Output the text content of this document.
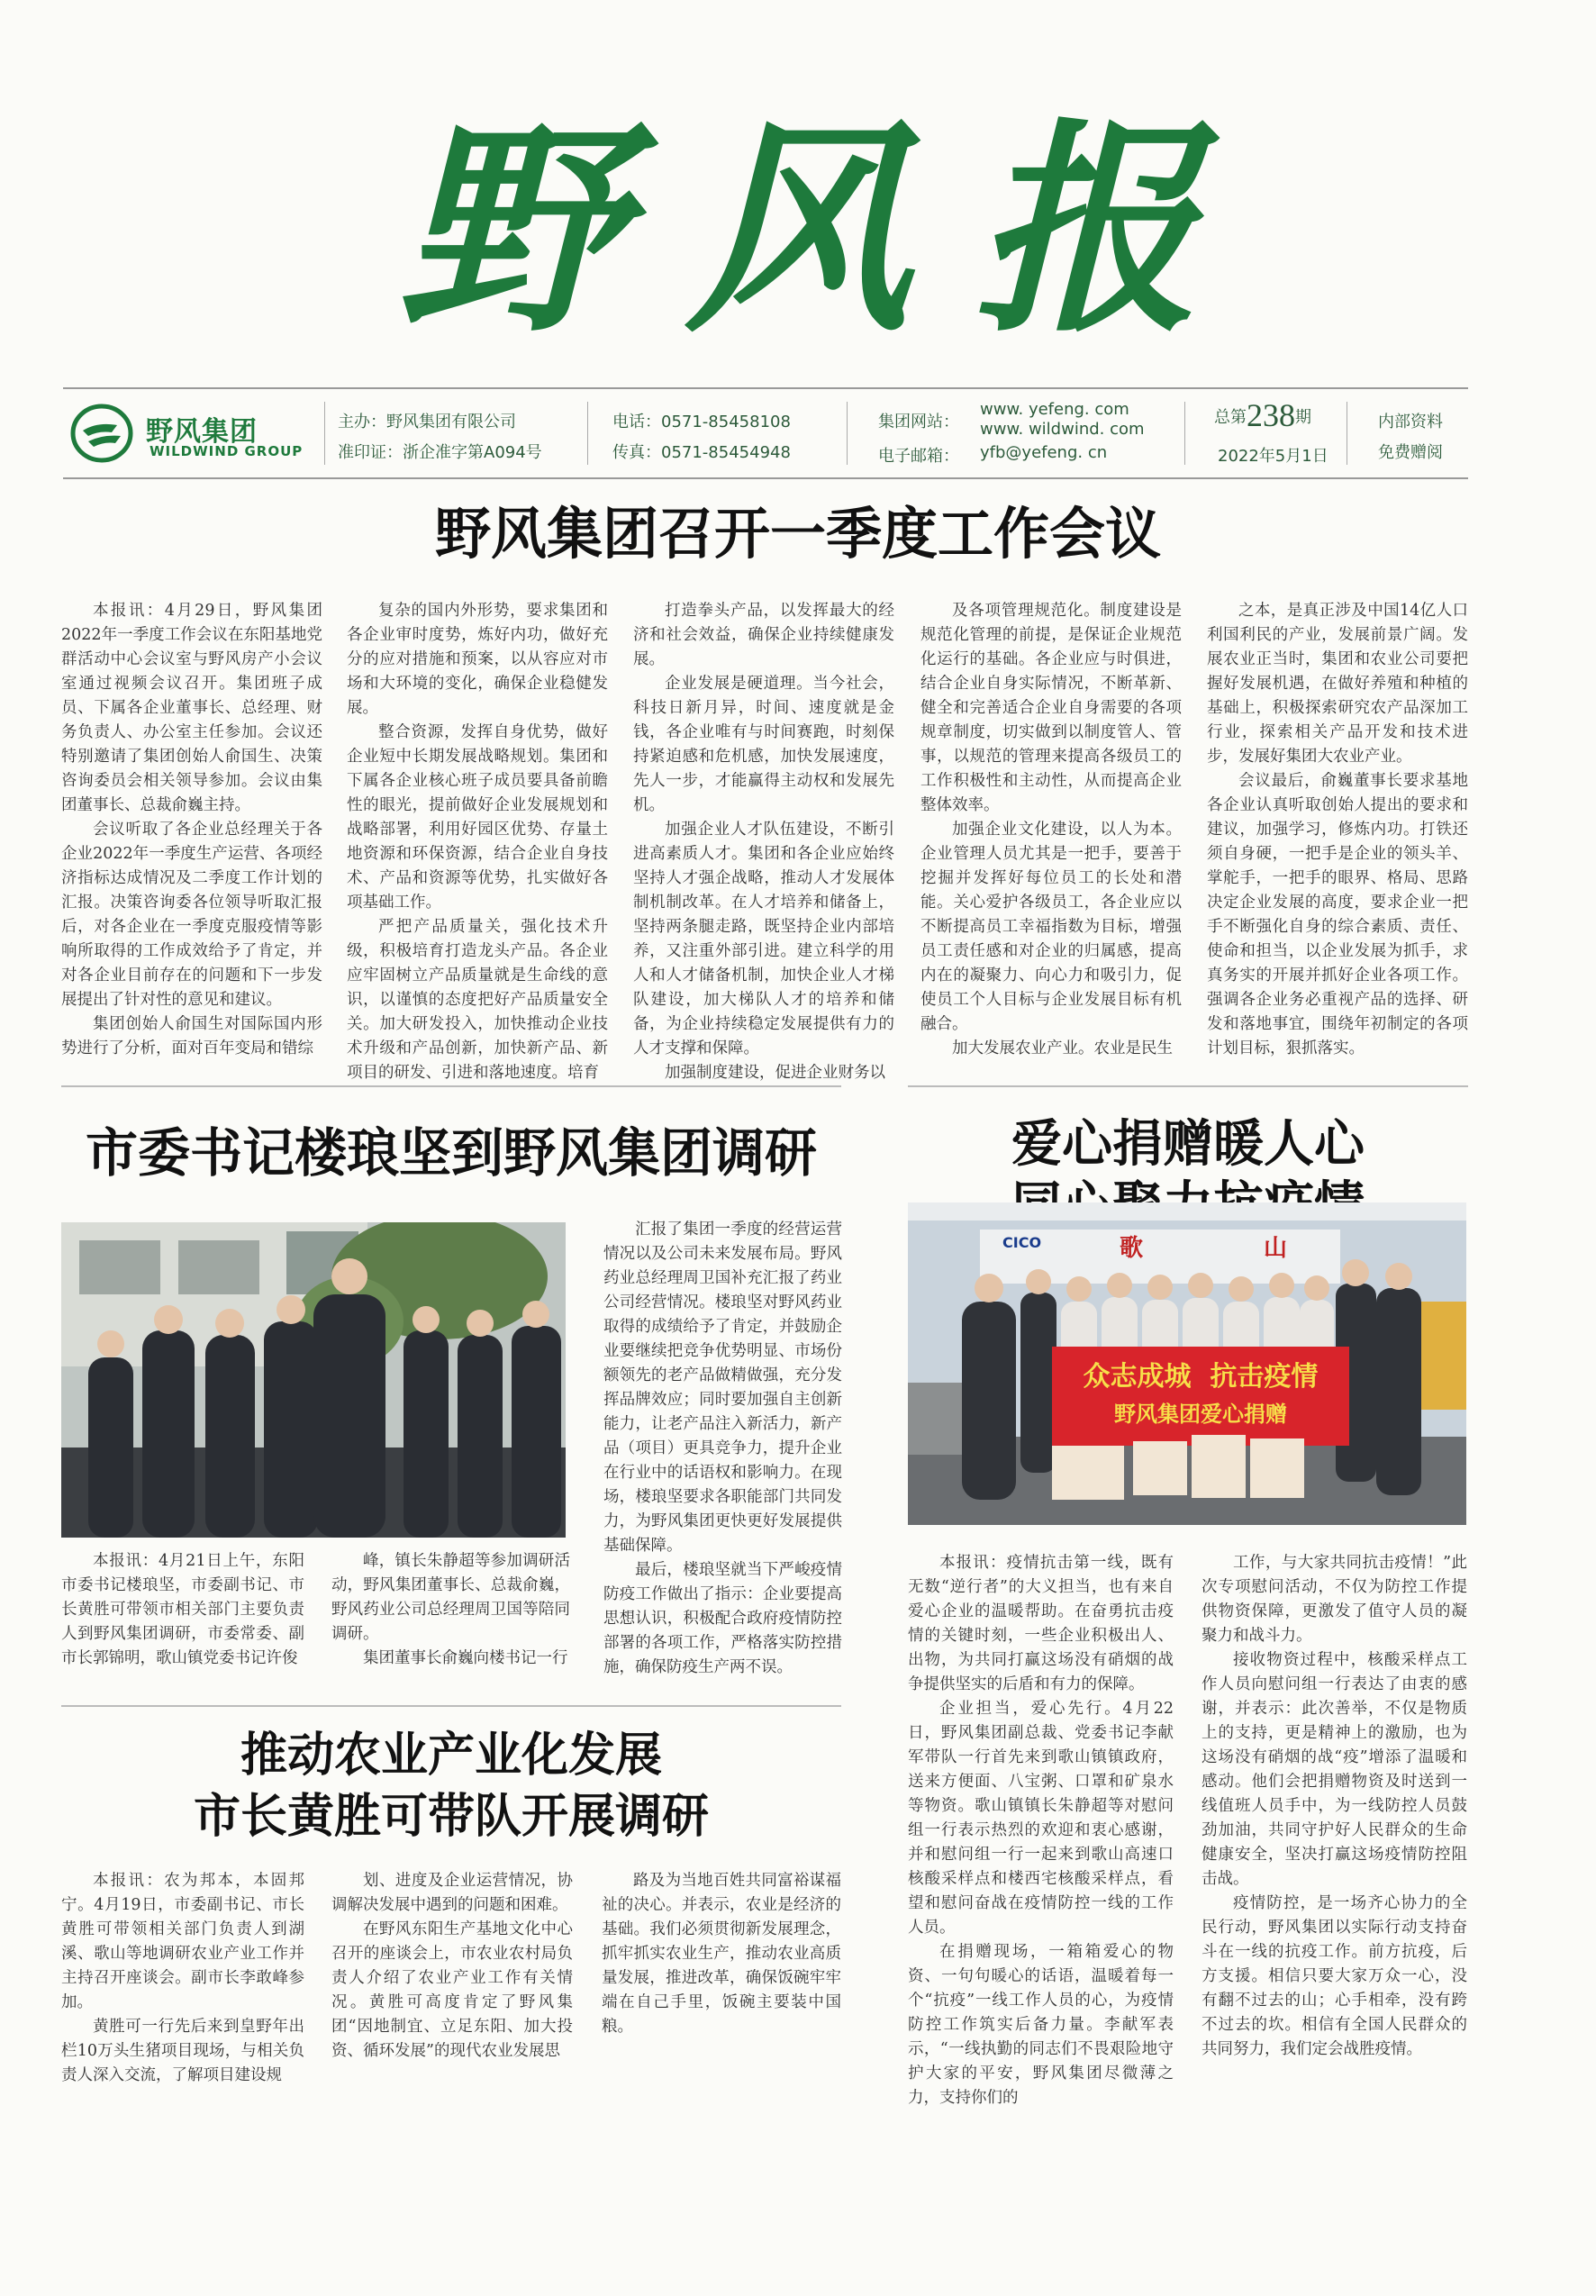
野风报
野风集团
WILDWIND GROUP
主办：野风集团有限公司
准印证：浙企准字第A094号
电话：0571-85458108
传真：0571-85454948
集团网站：
www. yefeng. com
www. wildwind. com
电子邮箱： yfb@yefeng. cn
总第238期
2022年5月1日
内部资料
免费赠阅
野风集团召开一季度工作会议

本报讯：4月29日，野风集团2022年一季度工作会议在东阳基地党群活动中心会议室与野风房产小会议室通过视频会议召开。集团班子成员、下属各企业董事长、总经理、财务负责人、办公室主任参加。会议还特别邀请了集团创始人俞国生、决策咨询委员会相关领导参加。会议由集团董事长、总裁俞巍主持。

会议听取了各企业总经理关于各企业2022年一季度生产运营、各项经济指标达成情况及二季度工作计划的汇报。决策咨询委各位领导听取汇报后，对各企业在一季度克服疫情等影响所取得的工作成效给予了肯定，并对各企业目前存在的问题和下一步发展提出了针对性的意见和建议。

集团创始人俞国生对国际国内形势进行了分析，面对百年变局和错综

复杂的国内外形势，要求集团和各企业审时度势，炼好内功，做好充分的应对措施和预案，以从容应对市场和大环境的变化，确保企业稳健发展。

整合资源，发挥自身优势，做好企业短中长期发展战略规划。集团和下属各企业核心班子成员要具备前瞻性的眼光，提前做好企业发展规划和战略部署，利用好园区优势、存量土地资源和环保资源，结合企业自身技术、产品和资源等优势，扎实做好各项基础工作。

严把产品质量关，强化技术升级，积极培育打造龙头产品。各企业应牢固树立产品质量就是生命线的意识，以谨慎的态度把好产品质量安全关。加大研发投入，加快推动企业技术升级和产品创新，加快新产品、新项目的研发、引进和落地速度。培育

打造拳头产品，以发挥最大的经济和社会效益，确保企业持续健康发展。

企业发展是硬道理。当今社会，科技日新月异，时间、速度就是金钱，各企业唯有与时间赛跑，时刻保持紧迫感和危机感，加快发展速度，先人一步，才能赢得主动权和发展先机。

加强企业人才队伍建设，不断引进高素质人才。集团和各企业应始终坚持人才强企战略，推动人才发展体制机制改革。在人才培养和储备上，坚持两条腿走路，既坚持企业内部培养，又注重外部引进。建立科学的用人和人才储备机制，加快企业人才梯队建设，加大梯队人才的培养和储备，为企业持续稳定发展提供有力的人才支撑和保障。

加强制度建设，促进企业财务以

及各项管理规范化。制度建设是规范化管理的前提，是保证企业规范化运行的基础。各企业应与时俱进，结合企业自身实际情况，不断革新、健全和完善适合企业自身需要的各项规章制度，切实做到以制度管人、管事，以规范的管理来提高各级员工的工作积极性和主动性，从而提高企业整体效率。

加强企业文化建设，以人为本。企业管理人员尤其是一把手，要善于挖掘并发挥好每位员工的长处和潜能。关心爱护各级员工，各企业应以不断提高员工幸福指数为目标，增强员工责任感和对企业的归属感，提高内在的凝聚力、向心力和吸引力，促使员工个人目标与企业发展目标有机融合。

加大发展农业产业。农业是民生

之本，是真正涉及中国14亿人口利国利民的产业，发展前景广阔。发展农业正当时，集团和农业公司要把握好发展机遇，在做好养殖和种植的基础上，积极探索研究农产品深加工行业，探索相关产品开发和技术进步，发展好集团大农业产业。

会议最后，俞巍董事长要求基地各企业认真听取创始人提出的要求和建议，加强学习，修炼内功。打铁还须自身硬，一把手是企业的领头羊、掌舵手，一把手的眼界、格局、思路决定企业发展的高度，要求企业一把手不断强化自身的综合素质、责任、使命和担当，以企业发展为抓手，求真务实的开展并抓好企业各项工作。强调各企业务必重视产品的选择、研发和落地事宜，围绕年初制定的各项计划目标，狠抓落实。

市委书记楼琅坚到野风集团调研

本报讯：4月21日上午，东阳市委书记楼琅坚，市委副书记、市长黄胜可带领市相关部门主要负责人到野风集团调研，市委常委、副市长郭锦明，歌山镇党委书记许俊

峰，镇长朱静超等参加调研活动，野风集团董事长、总裁俞巍，野风药业公司总经理周卫国等陪同调研。

集团董事长俞巍向楼书记一行

汇报了集团一季度的经营运营情况以及公司未来发展布局。野风药业总经理周卫国补充汇报了药业公司经营情况。楼琅坚对野风药业取得的成绩给予了肯定，并鼓励企业要继续把竞争优势明显、市场份额领先的老产品做精做强，充分发挥品牌效应；同时要加强自主创新能力，让老产品注入新活力，新产品（项目）更具竞争力，提升企业在行业中的话语权和影响力。在现场，楼琅坚要求各职能部门共同发力，为野风集团更快更好发展提供基础保障。

最后，楼琅坚就当下严峻疫情防疫工作做出了指示：企业要提高思想认识，积极配合政府疫情防控部署的各项工作，严格落实防控措施，确保防疫生产两不误。

推动农业产业化发展
市长黄胜可带队开展调研

本报讯：农为邦本，本固邦宁。4月19日，市委副书记、市长黄胜可带领相关部门负责人到湖溪、歌山等地调研农业产业工作并主持召开座谈会。副市长李敢峰参加。

黄胜可一行先后来到皇野年出栏10万头生猪项目现场，与相关负责人深入交流，了解项目建设规

划、进度及企业运营情况，协调解决发展中遇到的问题和困难。

在野风东阳生产基地文化中心召开的座谈会上，市农业农村局负责人介绍了农业产业工作有关情况。黄胜可高度肯定了野风集团“因地制宜、立足东阳、加大投资、循环发展”的现代农业发展思

路及为当地百姓共同富裕谋福祉的决心。并表示，农业是经济的基础。我们必须贯彻新发展理念，抓牢抓实农业生产，推动农业高质量发展，推进改革，确保饭碗牢牢端在自己手里，饭碗主要装中国粮。

爱心捐赠暖人心
CICO	歌	山
众志成城  抗击疫情
野风集团爱心捐赠

本报讯：疫情抗击第一线，既有无数“逆行者”的大义担当，也有来自爱心企业的温暖帮助。在奋勇抗击疫情的关键时刻，一些企业积极出人、出物，为共同打赢这场没有硝烟的战争提供坚实的后盾和有力的保障。

企业担当，爱心先行。4月22日，野风集团副总裁、党委书记李献军带队一行首先来到歌山镇镇政府，送来方便面、八宝粥、口罩和矿泉水等物资。歌山镇镇长朱静超等对慰问组一行表示热烈的欢迎和衷心感谢，并和慰问组一行一起来到歌山高速口核酸采样点和楼西宅核酸采样点，看望和慰问奋战在疫情防控一线的工作人员。

在捐赠现场，一箱箱爱心的物资、一句句暖心的话语，温暖着每一个“抗疫”一线工作人员的心，为疫情防控工作筑实后备力量。李献军表示，“一线执勤的同志们不畏艰险地守护大家的平安，野风集团尽微薄之力，支持你们的

工作，与大家共同抗击疫情！”此次专项慰问活动，不仅为防控工作提供物资保障，更激发了值守人员的凝聚力和战斗力。

接收物资过程中，核酸采样点工作人员向慰问组一行表达了由衷的感谢，并表示：此次善举，不仅是物质上的支持，更是精神上的激励，也为这场没有硝烟的战“疫”增添了温暖和感动。他们会把捐赠物资及时送到一线值班人员手中，为一线防控人员鼓劲加油，共同守护好人民群众的生命健康安全，坚决打赢这场疫情防控阻击战。

疫情防控，是一场齐心协力的全民行动，野风集团以实际行动支持奋斗在一线的抗疫工作。前方抗疫，后方支援。相信只要大家万众一心，没有翻不过去的山；心手相牵，没有跨不过去的坎。相信有全国人民群众的共同努力，我们定会战胜疫情。
